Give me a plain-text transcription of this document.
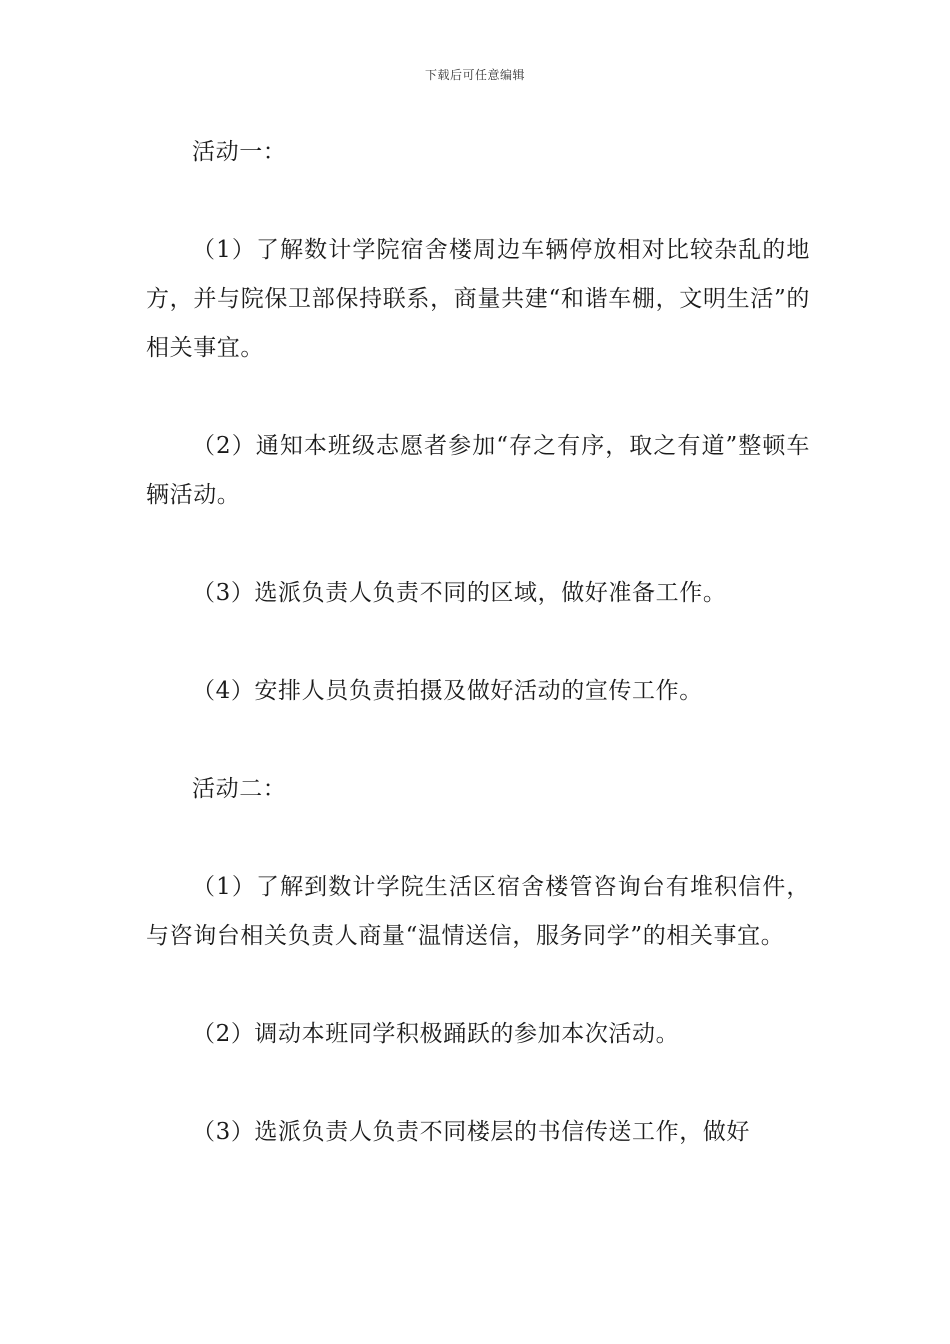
下载后可任意编辑

活动一：

（1）了解数计学院宿舍楼周边车辆停放相对比较杂乱的地方，并与院保卫部保持联系，商量共建“和谐车棚，文明生活”的相关事宜。

（2）通知本班级志愿者参加“存之有序，取之有道”整顿车辆活动。

（3）选派负责人负责不同的区域，做好准备工作。

（4）安排人员负责拍摄及做好活动的宣传工作。

活动二：

（1）了解到数计学院生活区宿舍楼管咨询台有堆积信件，与咨询台相关负责人商量“温情送信，服务同学”的相关事宜。

（2）调动本班同学积极踊跃的参加本次活动。

（3）选派负责人负责不同楼层的书信传送工作，做好
